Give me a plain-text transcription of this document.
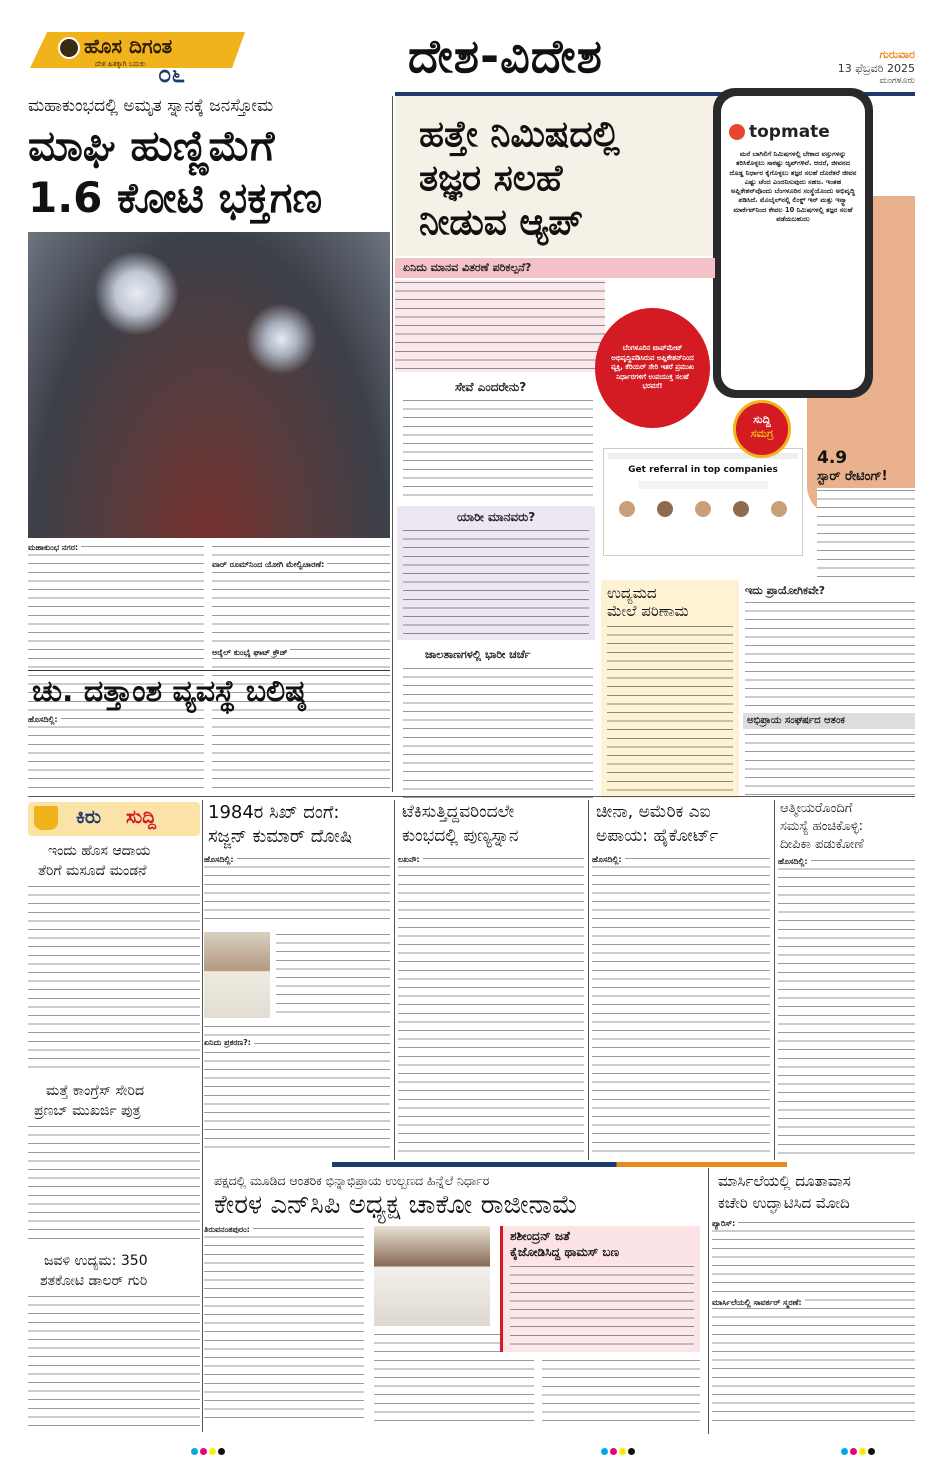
ಹೊಸ ದಿಗಂತ
ದೇಶ ಹಿತಕ್ಕಾಗಿ ಬದುಕು ೦೬	ದೇಶ-ವಿದೇಶ	ಗುರುವಾರ
13 ಫೆಬ್ರವರಿ 2025
ಮಂಗಳೂರು
ಮಹಾಕುಂಭದಲ್ಲಿ ಅಮೃತ ಸ್ನಾನಕ್ಕೆ ಜನಸ್ತೋಮ
ಮಾಘಿ ಹುಣ್ಣಿಮೆಗೆ
1.6 ಕೋಟಿ ಭಕ್ತಗಣ
ಮಹಾಕುಂಭ ನಗರ:
ವಾರ್ ರೂಮ್‌ನಿಂದ ಯೋಗಿ ಮೇಲ್ವಿಚಾರಣೆ:
ಅರೈಲ್ ಕುಂಭೈ ಘಾಟ್ ಕ್ರೌಡ್
ಚು. ದತ್ತಾಂಶ ವ್ಯವಸ್ಥೆ ಬಲಿಷ್ಠ
ಹೊಸದಿಲ್ಲಿ:
ಹತ್ತೇ ನಿಮಿಷದಲ್ಲಿ
ತಜ್ಞರ ಸಲಹೆ
ನೀಡುವ ಆ್ಯಪ್
topmate
ಮನೆ ಬಾಗಿಲಿಗೆ ನಿಮಿಷಗಳಲ್ಲಿ ಬೇಕಾದ ವಸ್ತುಗಳನ್ನು ತರಿಸಿಕೊಳ್ಳಲು ಸಾಕಷ್ಟು ಆ್ಯಪ್‌ಗಳಿವೆ. ಆದರೆ, ಜೀವನದ ದೊಡ್ಡ ನಿರ್ಧಾರ ಕೈಗೊಳ್ಳಲು ತಜ್ಞರ ಸಲಹೆ ದೊರೆತರೆ ಜೀವನ ಎಷ್ಟು ಚೆಂದ ಎಂದನಿಸುವುದು ಸಹಜ. ಇಂತಹ ಅಪ್ಲಿಕೇಶನ್‌ವೊಂದು ಬೆಂಗಳೂರಿನ ಸಂಸ್ಥೆಯೊಂದು ಅಭಿವೃದ್ಧಿ ಪಡಿಸಿದೆ. ಮೊಬೈಲ್‌ನಲ್ಲಿ ಲಿಂಕ್ಡ್‌ ಇನ್ ಮತ್ತು ಇನ್ಸ್ಟಾ ಮಾರ್ಕೆಟ್‌ನಿಂದ ಕೇವಲ 10 ನಿಮಿಷಗಳಲ್ಲಿ ತಜ್ಞರ ಸಲಹೆ ಪಡೆಯಬಹುದು
ಏನಿದು ಮಾನವ ವಿತರಣೆ ಪರಿಕಲ್ಪನೆ?
ಬೆಂಗಳೂರಿನ ಟಾಪ್‌ಮೇಟ್ ಅಭಿವೃದ್ಧಿಪಡಿಸಿರುವ ಅಪ್ಲಿಕೇಶನ್‌ನಿಂದ ವ್ಯಕ್ತಿ, ಕೆರಿಯರ್ ಸೇರಿ ಇತರೆ ಪ್ರಮುಖ ನಿರ್ಧಾರಗಳಿಗೆ ಉಪಯುಕ್ತ ಸಲಹೆ ಭರವಸೆ!
ಸೇವೆ ಎಂದರೇನು?
ಯಾರೀ ಮಾನವರು?
ಜಾಲತಾಣಗಳಲ್ಲಿ ಭಾರೀ ಚರ್ಚೆ
Get referral in top companies
ಸುದ್ದಿ
ಸಮಗ್ರ
4.9
ಸ್ಟಾರ್ ರೇಟಿಂಗ್!
ಉದ್ಯಮದ
ಮೇಲೆ ಪರಿಣಾಮ
ಇದು ಪ್ರಾಯೋಗಿಕವೇ?
ಅಭಿಪ್ರಾಯ ಸಂಘರ್ಷದ ಆತಂಕ
ಕಿರು ಸುದ್ದಿ
ಇಂದು ಹೊಸ ಆದಾಯ
ತೆರಿಗೆ ಮಸೂದೆ ಮಂಡನೆ
ಮತ್ತೆ ಕಾಂಗ್ರೆಸ್ ಸೇರಿದ
ಪ್ರಣಬ್ ಮುಖರ್ಜಿ ಪುತ್ರ
ಜವಳಿ ಉದ್ಯಮ: 350
ಶತಕೋಟಿ ಡಾಲರ್ ಗುರಿ
1984ರ ಸಿಖ್ ದಂಗೆ:
ಸಜ್ಜನ್ ಕುಮಾರ್ ದೋಷಿ
ಹೊಸದಿಲ್ಲಿ:
ಏನಿದು ಪ್ರಕರಣ?:
ಟೆಕಿಸುತ್ತಿದ್ದವರಿಂದಲೇ
ಕುಂಭದಲ್ಲಿ ಪುಣ್ಯಸ್ನಾನ
ಲಖನೌ:
ಚೀನಾ, ಅಮೆರಿಕ ಎಐ
ಅಪಾಯ: ಹೈಕೋರ್ಟ್
ಹೊಸದಿಲ್ಲಿ:
ಆತ್ಮೀಯರೊಂದಿಗೆ
ಸಮಸ್ಯೆ ಹಂಚಿಕೊಳ್ಳಿ:
ದೀಪಿಕಾ ಪಡುಕೋಣೆ
ಹೊಸದಿಲ್ಲಿ:
ಪಕ್ಷದಲ್ಲಿ ಮೂಡಿದ ಆಂತರಿಕ ಭಿನ್ನಾಭಿಪ್ರಾಯ ಉಲ್ಬಣದ ಹಿನ್ನೆಲೆ ನಿರ್ಧಾರ
ಕೇರಳ ಎನ್‌ಸಿಪಿ ಅಧ್ಯಕ್ಷ ಚಾಕೋ ರಾಜೀನಾಮೆ
ತಿರುವನಂತಪುರಂ:	ಶಶೀಂದ್ರನ್ ಜತೆ
ಕೈಜೋಡಿಸಿದ್ದ ಥಾಮಸ್ ಬಣ
ಮಾರ್ಸಿಲೆಯಲ್ಲಿ ದೂತಾವಾಸ
ಕಚೇರಿ ಉದ್ಘಾಟಿಸಿದ ಮೋದಿ
ಪ್ಯಾರಿಸ್:
ಮಾರ್ಸಿಲೆಯಲ್ಲಿ ಸಾವರ್ಕರ್ ಸ್ಮರಣೆ:
